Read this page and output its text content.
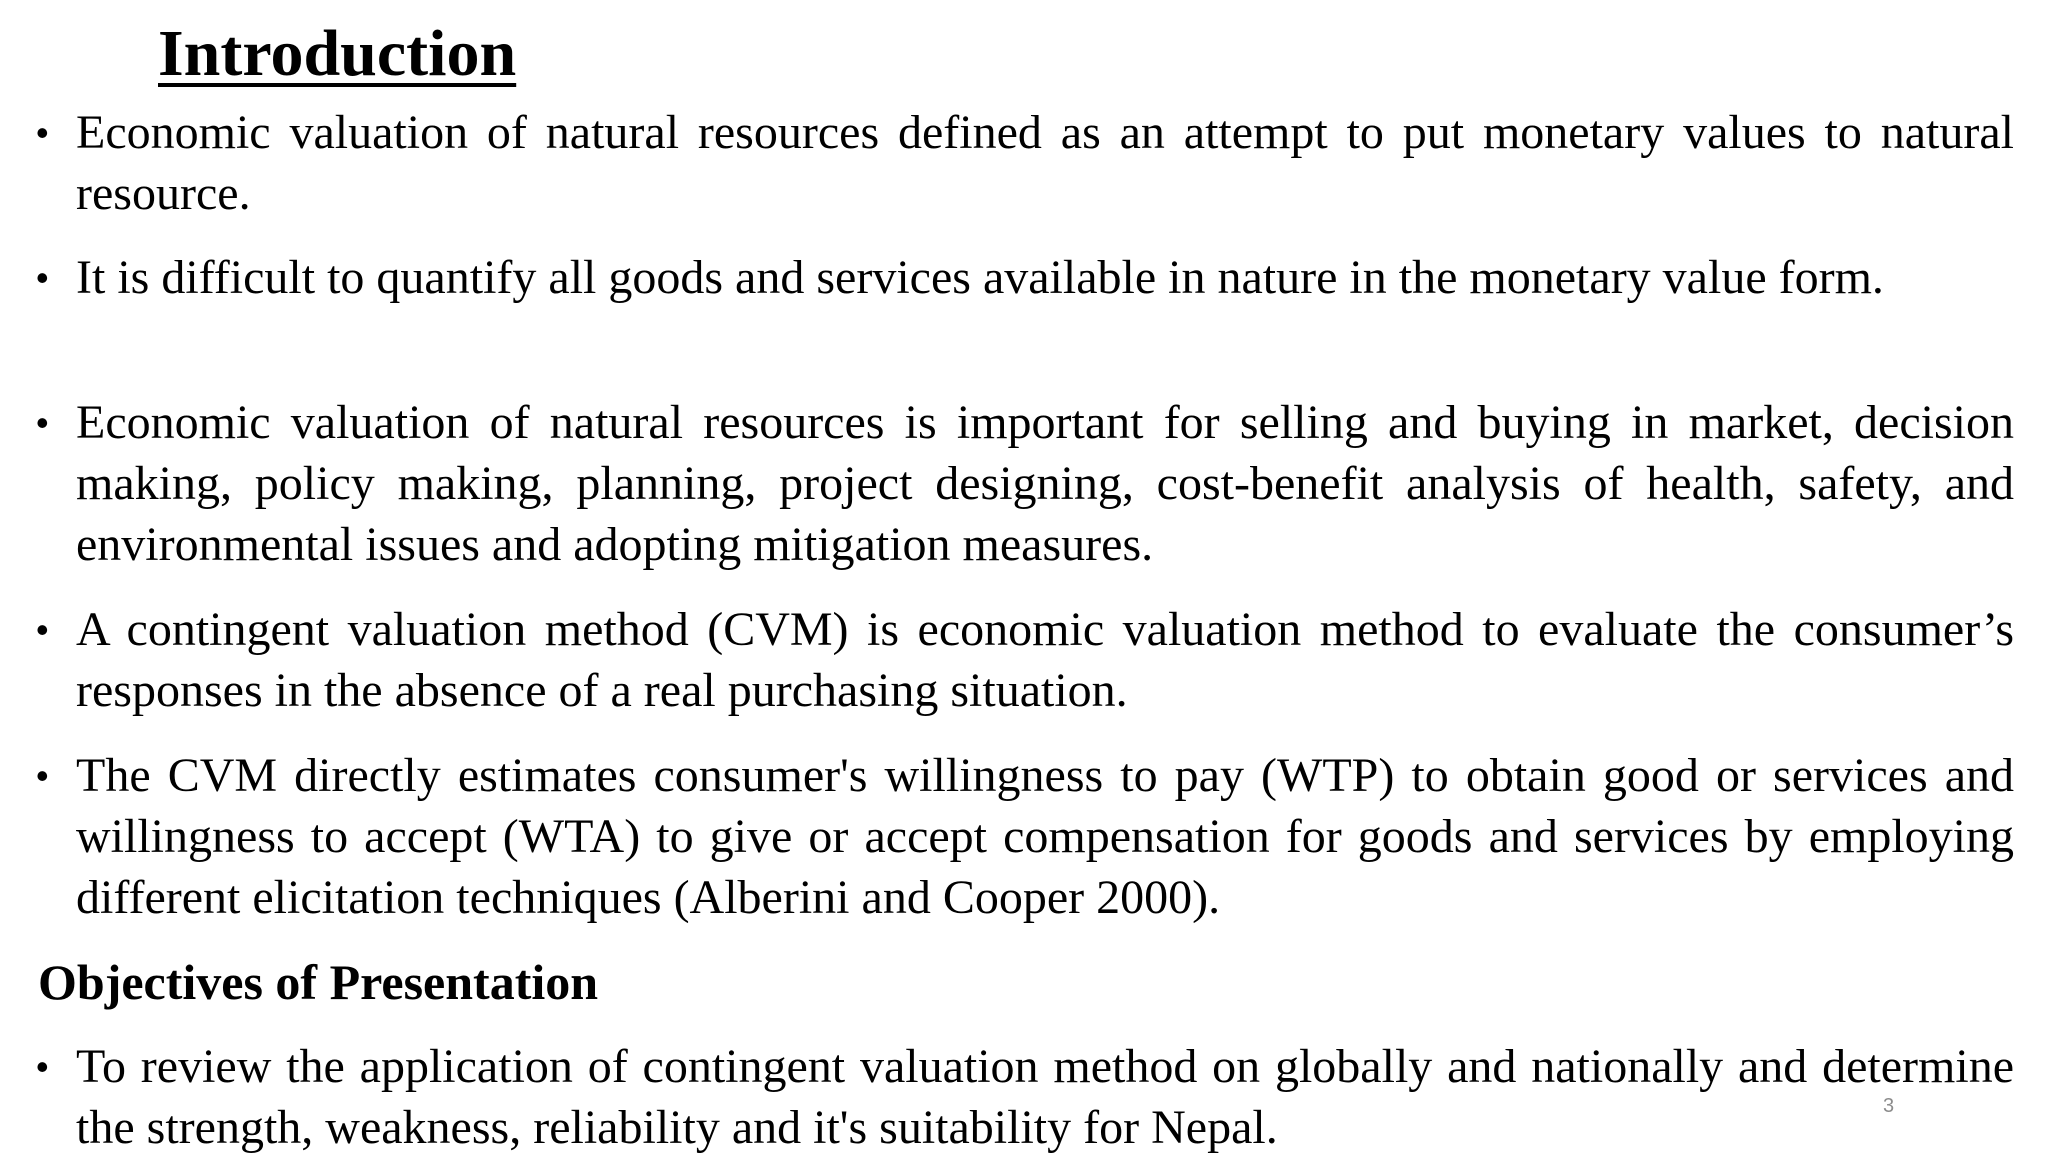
Introduction
• Economic valuation of natural resources defined as an attempt to put monetary values to natural resource.
• It is difficult to quantify all goods and services available in nature in the monetary value form.
• Economic valuation of natural resources is important for selling and buying in market, decision making, policy making, planning, project designing, cost-benefit analysis of health, safety, and environmental issues and adopting mitigation measures.
• A contingent valuation method (CVM) is economic valuation method to evaluate the consumer’s responses in the absence of a real purchasing situation.
• The CVM directly estimates consumer's willingness to pay (WTP) to obtain good or services and willingness to accept (WTA) to give or accept compensation for goods and services by employing different elicitation techniques (Alberini and Cooper 2000).
Objectives of Presentation
• To review the application of contingent valuation method on globally and nationally and determine the strength, weakness, reliability and it's suitability for Nepal.	3
